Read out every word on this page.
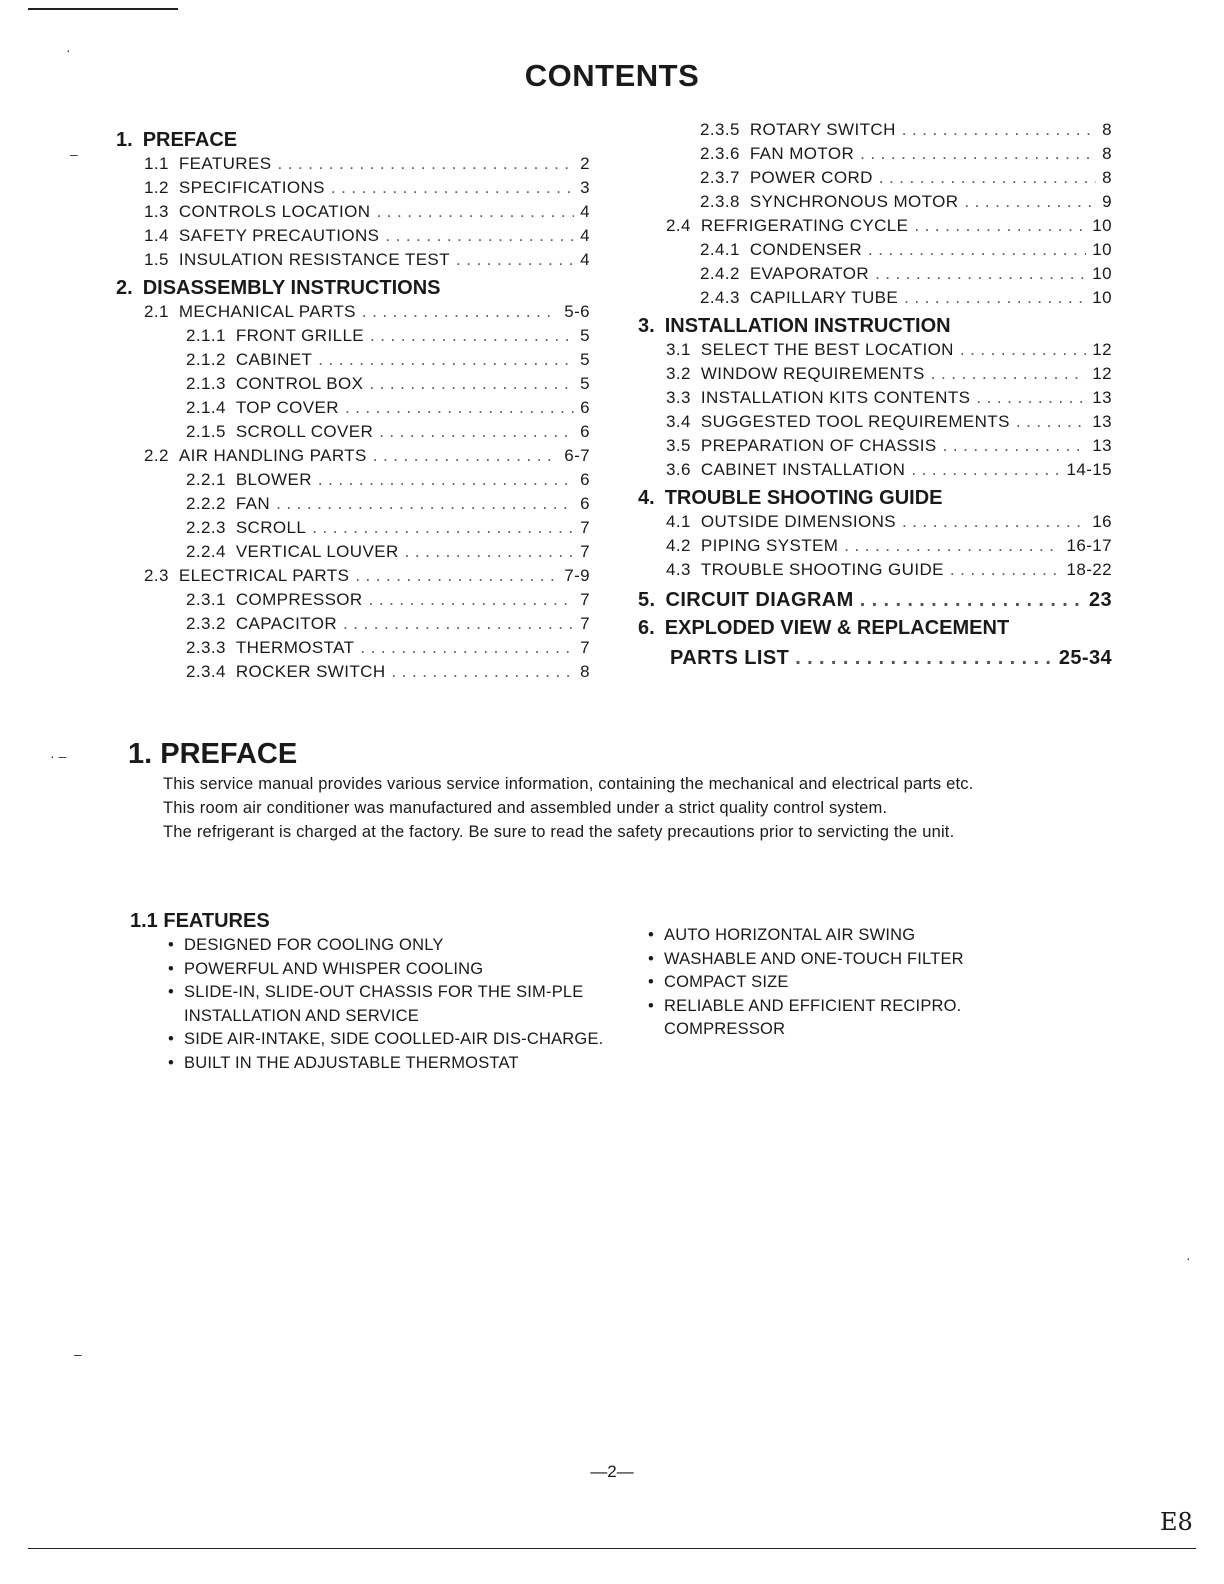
CONTENTS
1. PREFACE
1.1 FEATURES . . .	2
1.2 SPECIFICATIONS . . .	3
1.3 CONTROLS LOCATION . . .	4
1.4 SAFETY PRECAUTIONS . . .	4
1.5 INSULATION RESISTANCE TEST . . .	4
2. DISASSEMBLY INSTRUCTIONS
2.1 MECHANICAL PARTS . . .	5-6
2.1.1 FRONT GRILLE . . .	5
2.1.2 CABINET . . .	5
2.1.3 CONTROL BOX . . .	5
2.1.4 TOP COVER . . .	6
2.1.5 SCROLL COVER . . .	6
2.2 AIR HANDLING PARTS . . .	6-7
2.2.1 BLOWER . . .	6
2.2.2 FAN . . .	6
2.2.3 SCROLL . . .	7
2.2.4 VERTICAL LOUVER . . .	7
2.3 ELECTRICAL PARTS . . .	7-9
2.3.1 COMPRESSOR . . .	7
2.3.2 CAPACITOR . . .	7
2.3.3 THERMOSTAT . . .	7
2.3.4 ROCKER SWITCH . . .	8
2.3.5 ROTARY SWITCH . . .	8
2.3.6 FAN MOTOR . . .	8
2.3.7 POWER CORD . . .	8
2.3.8 SYNCHRONOUS MOTOR . . .	9
2.4 REFRIGERATING CYCLE . . .	10
2.4.1 CONDENSER . . .	10
2.4.2 EVAPORATOR . . .	10
2.4.3 CAPILLARY TUBE . . .	10
3. INSTALLATION INSTRUCTION
3.1 SELECT THE BEST LOCATION . . .	12
3.2 WINDOW REQUIREMENTS . . .	12
3.3 INSTALLATION KITS CONTENTS . . .	13
3.4 SUGGESTED TOOL REQUIREMENTS . . .	13
3.5 PREPARATION OF CHASSIS . . .	13
3.6 CABINET INSTALLATION . . .	14-15
4. TROUBLE SHOOTING GUIDE
4.1 OUTSIDE DIMENSIONS . . .	16
4.2 PIPING SYSTEM . . .	16-17
4.3 TROUBLE SHOOTING GUIDE . . .	18-22
5. CIRCUIT DIAGRAM . . .	23
6. EXPLODED VIEW & REPLACEMENT
PARTS LIST . . .	25-34
1. PREFACE
This service manual provides various service information, containing the mechanical and electrical parts etc.
This room air conditioner was manufactured and assembled under a strict quality control system.
The refrigerant is charged at the factory. Be sure to read the safety precautions prior to servicting the unit.
1.1 FEATURES
• DESIGNED FOR COOLING ONLY
• POWERFUL AND WHISPER COOLING
• SLIDE-IN, SLIDE-OUT CHASSIS FOR THE SIM-PLE INSTALLATION AND SERVICE
• SIDE AIR-INTAKE, SIDE COOLLED-AIR DIS-CHARGE.
• BUILT IN THE ADJUSTABLE THERMOSTAT
• AUTO HORIZONTAL AIR SWING
• WASHABLE AND ONE-TOUCH FILTER
• COMPACT SIZE
• RELIABLE AND EFFICIENT RECIPRO. COMPRESSOR
—2—
E8
·
–
· –
–
·
